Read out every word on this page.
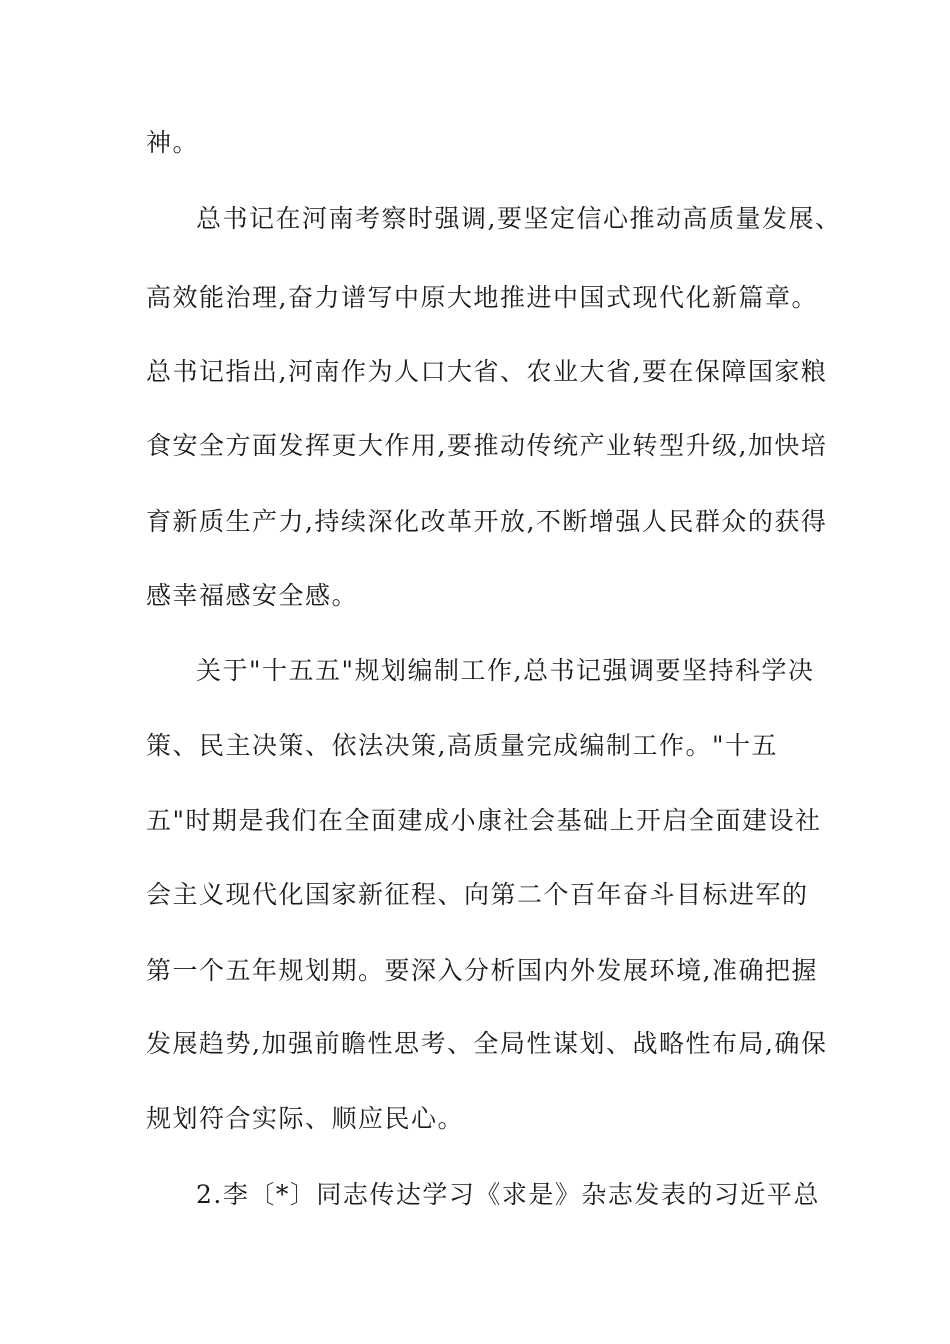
神。

总书记在河南考察时强调,要坚定信心推动高质量发展、

高效能治理,奋力谱写中原大地推进中国式现代化新篇章。

总书记指出,河南作为人口大省、农业大省,要在保障国家粮

食安全方面发挥更大作用,要推动传统产业转型升级,加快培

育新质生产力,持续深化改革开放,不断增强人民群众的获得

感幸福感安全感。

关于"十五五"规划编制工作,总书记强调要坚持科学决

策、民主决策、依法决策,高质量完成编制工作。"十五

五"时期是我们在全面建成小康社会基础上开启全面建设社

会主义现代化国家新征程、向第二个百年奋斗目标进军的

第一个五年规划期。要深入分析国内外发展环境,准确把握

发展趋势,加强前瞻性思考、全局性谋划、战略性布局,确保

规划符合实际、顺应民心。

2.李〔*〕同志传达学习《求是》杂志发表的习近平总
